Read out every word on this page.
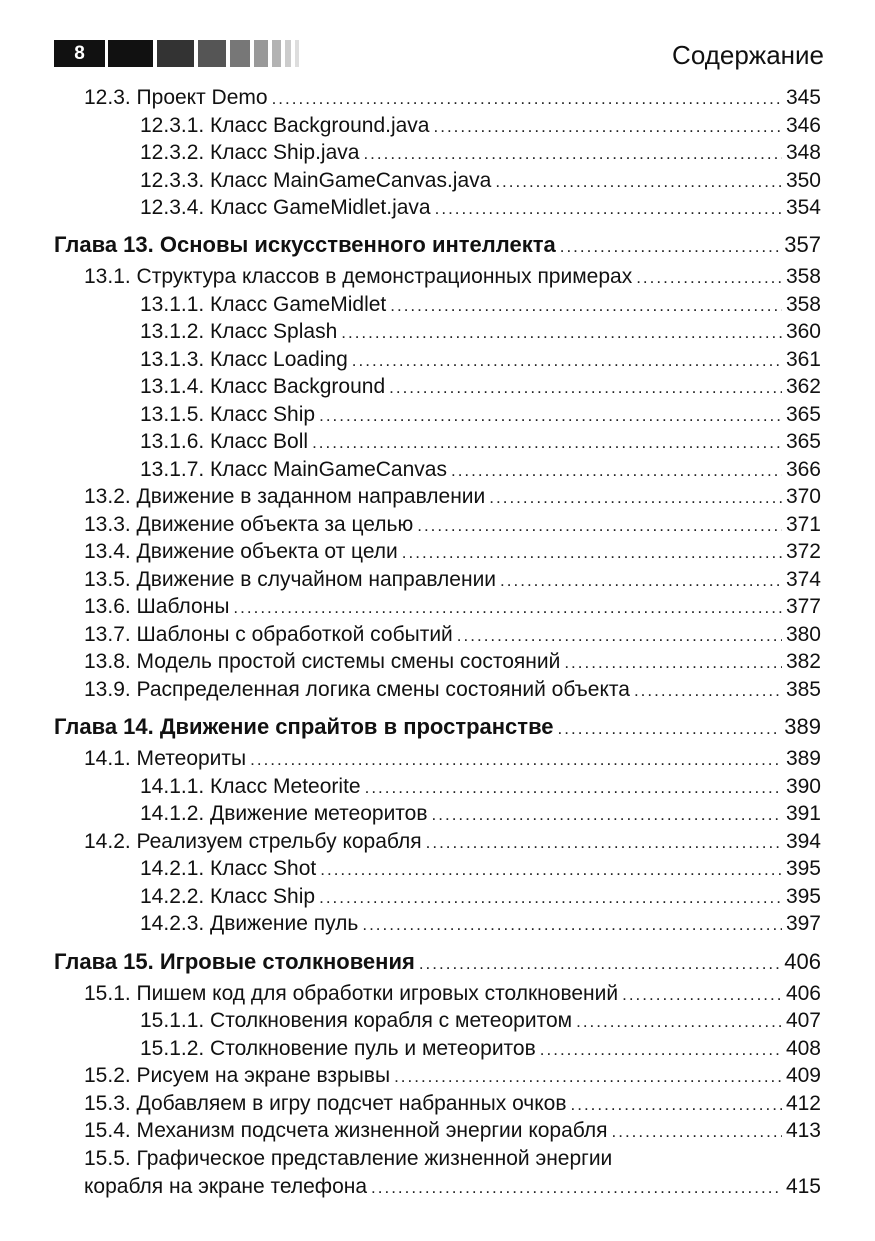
8	Содержание
12.3. Проект Demo .....	345
12.3.1. Класс Background.java .....	346
12.3.2. Класс Ship.java .....	348
12.3.3. Класс MainGameCanvas.java .....	350
12.3.4. Класс GameMidlet.java .....	354
Глава 13. Основы искусственного интеллекта .....	357
13.1. Структура классов в демонстрационных примерах .....	358
13.1.1. Класс GameMidlet .....	358
13.1.2. Класс Splash .....	360
13.1.3. Класс Loading .....	361
13.1.4. Класс Background .....	362
13.1.5. Класс Ship .....	365
13.1.6. Класс Boll .....	365
13.1.7. Класс MainGameCanvas .....	366
13.2. Движение в заданном направлении .....	370
13.3. Движение объекта за целью .....	371
13.4. Движение объекта от цели .....	372
13.5. Движение в случайном направлении .....	374
13.6. Шаблоны .....	377
13.7. Шаблоны с обработкой событий .....	380
13.8. Модель простой системы смены состояний .....	382
13.9. Распределенная логика смены состояний объекта .....	385
Глава 14. Движение спрайтов в пространстве .....	389
14.1. Метеориты .....	389
14.1.1. Класс Meteorite .....	390
14.1.2. Движение метеоритов .....	391
14.2. Реализуем стрельбу корабля .....	394
14.2.1. Класс Shot .....	395
14.2.2. Класс Ship .....	395
14.2.3. Движение пуль .....	397
Глава 15. Игровые столкновения .....	406
15.1. Пишем код для обработки игровых столкновений .....	406
15.1.1. Столкновения корабля с метеоритом .....	407
15.1.2. Столкновение пуль и метеоритов .....	408
15.2. Рисуем на экране взрывы .....	409
15.3. Добавляем в игру подсчет набранных очков .....	412
15.4. Механизм подсчета жизненной энергии корабля .....	413
15.5. Графическое представление жизненной энергии
корабля на экране телефона .....	415
